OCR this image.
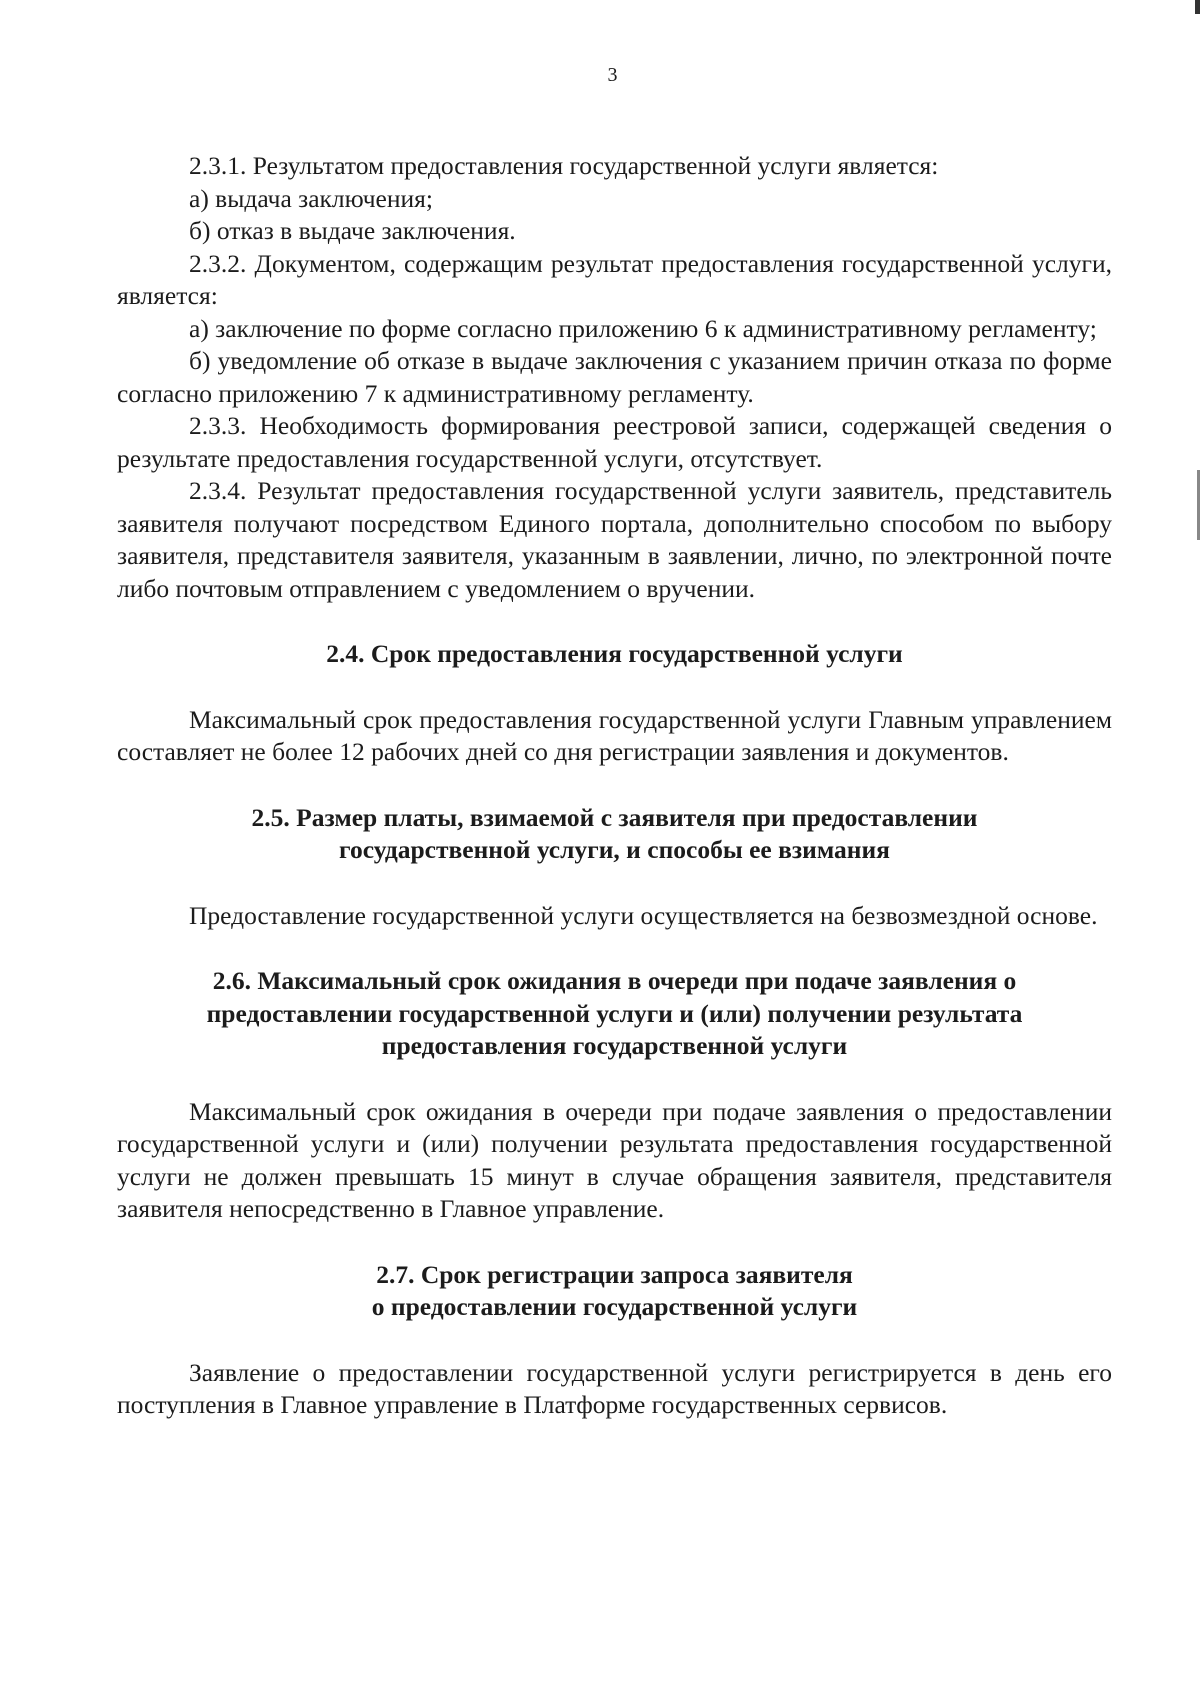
3

2.3.1. Результатом предоставления государственной услуги является:

а) выдача заключения;

б) отказ в выдаче заключения.

2.3.2. Документом, содержащим результат предоставления государственной услуги, является:

а) заключение по форме согласно приложению 6 к административному регламенту;

б) уведомление об отказе в выдаче заключения с указанием причин отказа по форме согласно приложению 7 к административному регламенту.

2.3.3. Необходимость формирования реестровой записи, содержащей сведения о результате предоставления государственной услуги, отсутствует.

2.3.4. Результат предоставления государственной услуги заявитель, представитель заявителя получают посредством Единого портала, дополнительно способом по выбору заявителя, представителя заявителя, указанным в заявлении, лично, по электронной почте либо почтовым отправлением с уведомлением о вручении.

2.4. Срок предоставления государственной услуги

Максимальный срок предоставления государственной услуги Главным управлением составляет не более 12 рабочих дней со дня регистрации заявления и документов.

2.5. Размер платы, взимаемой с заявителя при предоставлении
государственной услуги, и способы ее взимания

Предоставление государственной услуги осуществляется на безвозмездной основе.

2.6. Максимальный срок ожидания в очереди при подаче заявления о
предоставлении государственной услуги и (или) получении результата
предоставления государственной услуги

Максимальный срок ожидания в очереди при подаче заявления о предоставлении государственной услуги и (или) получении результата предоставления государственной услуги не должен превышать 15 минут в случае обращения заявителя, представителя заявителя непосредственно в Главное управление.

2.7. Срок регистрации запроса заявителя
о предоставлении государственной услуги

Заявление о предоставлении государственной услуги регистрируется в день его поступления в Главное управление в Платформе государственных сервисов.
